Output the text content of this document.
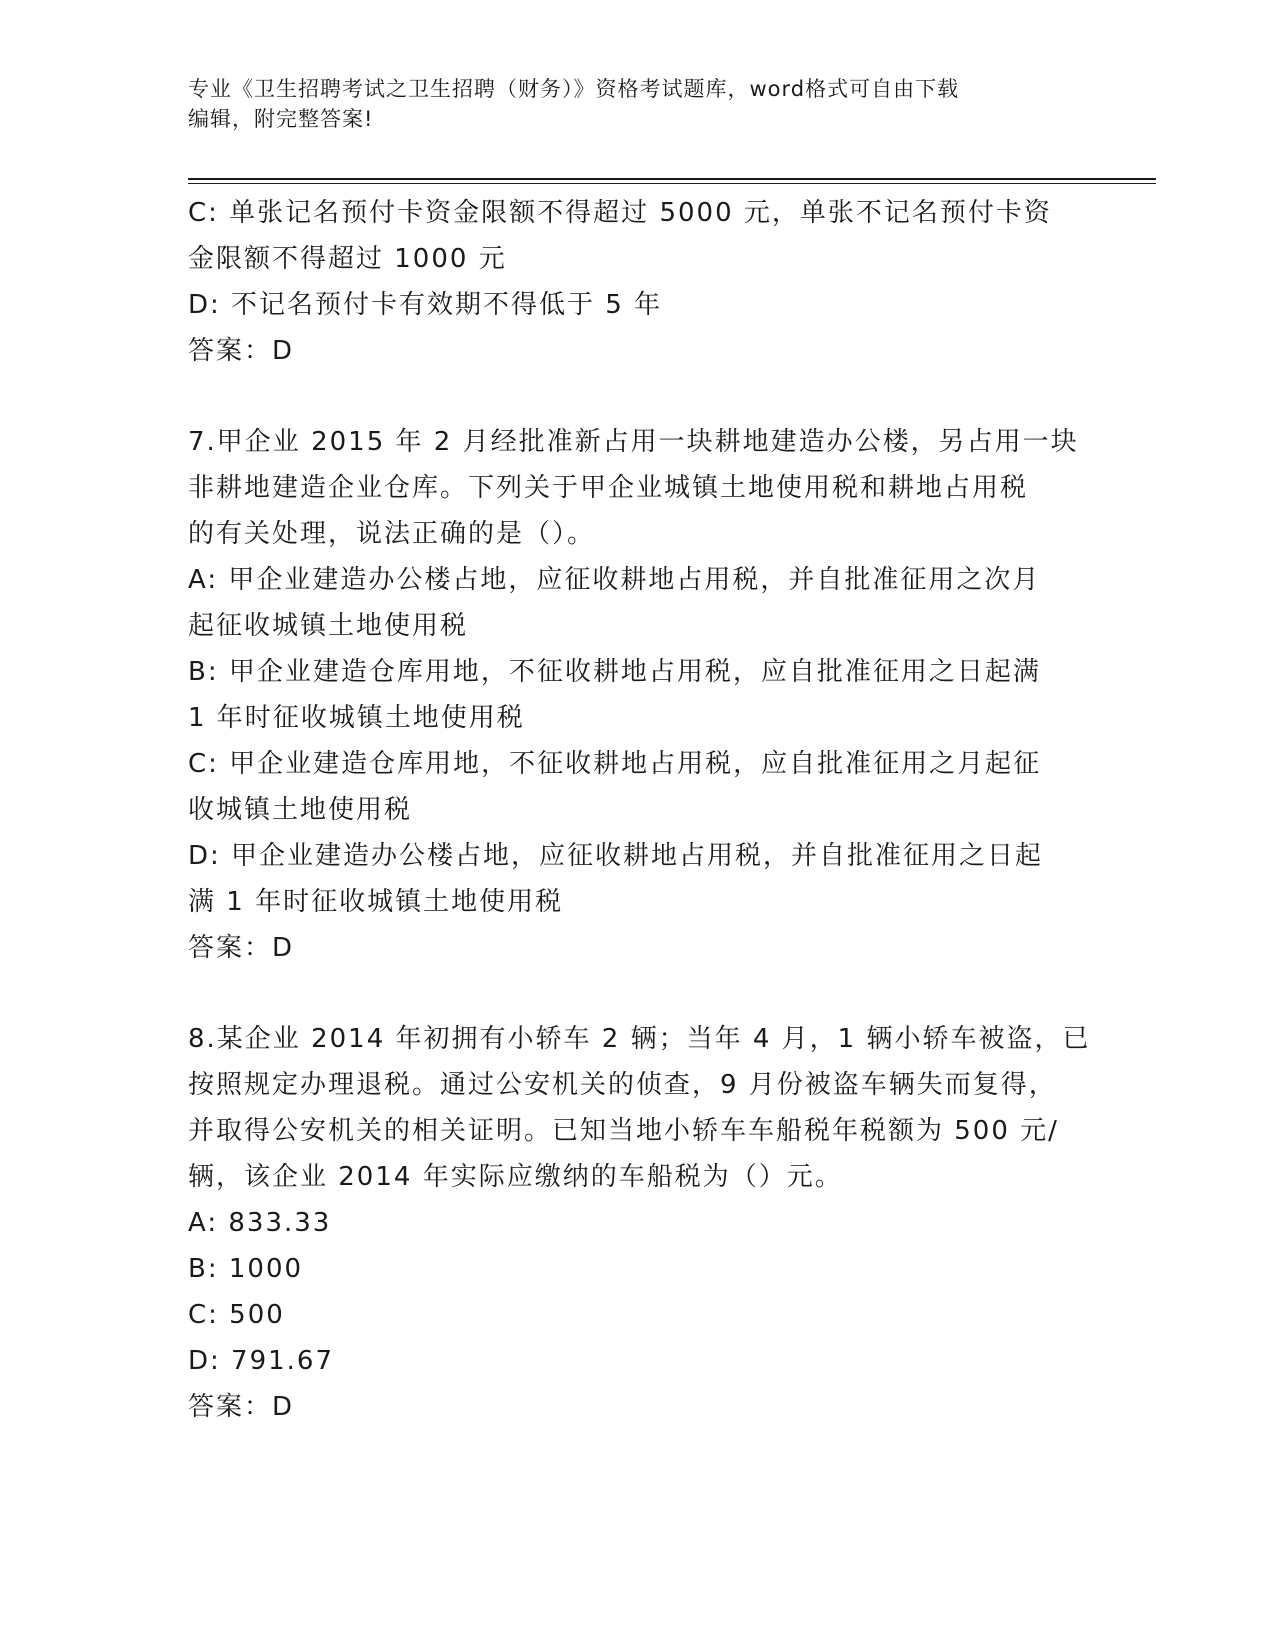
专业《卫生招聘考试之卫生招聘（财务）》资格考试题库，word格式可自由下载

编辑，附完整答案!

C: 单张记名预付卡资金限额不得超过 5000 元，单张不记名预付卡资

金限额不得超过 1000 元

D: 不记名预付卡有效期不得低于 5 年

答案：D

7.甲企业 2015 年 2 月经批准新占用一块耕地建造办公楼，另占用一块

非耕地建造企业仓库。下列关于甲企业城镇土地使用税和耕地占用税

的有关处理，说法正确的是（）。

A: 甲企业建造办公楼占地，应征收耕地占用税，并自批准征用之次月

起征收城镇土地使用税

B: 甲企业建造仓库用地，不征收耕地占用税，应自批准征用之日起满

1 年时征收城镇土地使用税

C: 甲企业建造仓库用地，不征收耕地占用税，应自批准征用之月起征

收城镇土地使用税

D: 甲企业建造办公楼占地，应征收耕地占用税，并自批准征用之日起

满 1 年时征收城镇土地使用税

答案：D

8.某企业 2014 年初拥有小轿车 2 辆；当年 4 月，1 辆小轿车被盗，已

按照规定办理退税。通过公安机关的侦查，9 月份被盗车辆失而复得，

并取得公安机关的相关证明。已知当地小轿车车船税年税额为 500 元/

辆，该企业 2014 年实际应缴纳的车船税为（）元。

A: 833.33

B: 1000

C: 500

D: 791.67

答案：D
